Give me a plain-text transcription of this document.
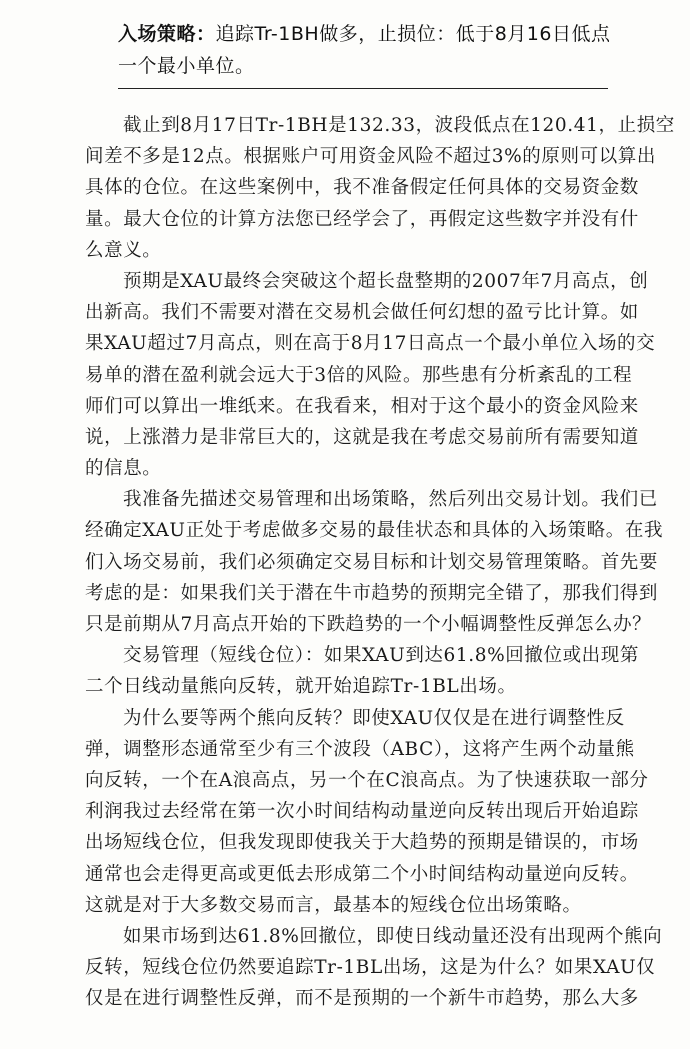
入场策略：追踪Tr-1BH做多，止损位：低于8月16日低点
一个最小单位。
截止到8月17日Tr-1BH是132.33，波段低点在120.41，止损空
间差不多是12点。根据账户可用资金风险不超过3%的原则可以算出
具体的仓位。在这些案例中，我不准备假定任何具体的交易资金数
量。最大仓位的计算方法您已经学会了，再假定这些数字并没有什
么意义。
预期是XAU最终会突破这个超长盘整期的2007年7月高点，创
出新高。我们不需要对潜在交易机会做任何幻想的盈亏比计算。如
果XAU超过7月高点，则在高于8月17日高点一个最小单位入场的交
易单的潜在盈利就会远大于3倍的风险。那些患有分析紊乱的工程
师们可以算出一堆纸来。在我看来，相对于这个最小的资金风险来
说，上涨潜力是非常巨大的，这就是我在考虑交易前所有需要知道
的信息。
我准备先描述交易管理和出场策略，然后列出交易计划。我们已
经确定XAU正处于考虑做多交易的最佳状态和具体的入场策略。在我
们入场交易前，我们必须确定交易目标和计划交易管理策略。首先要
考虑的是：如果我们关于潜在牛市趋势的预期完全错了，那我们得到
只是前期从7月高点开始的下跌趋势的一个小幅调整性反弹怎么办？
交易管理（短线仓位）：如果XAU到达61.8%回撤位或出现第
二个日线动量熊向反转，就开始追踪Tr-1BL出场。
为什么要等两个熊向反转？即使XAU仅仅是在进行调整性反
弹，调整形态通常至少有三个波段（ABC），这将产生两个动量熊
向反转，一个在A浪高点，另一个在C浪高点。为了快速获取一部分
利润我过去经常在第一次小时间结构动量逆向反转出现后开始追踪
出场短线仓位，但我发现即使我关于大趋势的预期是错误的，市场
通常也会走得更高或更低去形成第二个小时间结构动量逆向反转。
这就是对于大多数交易而言，最基本的短线仓位出场策略。
如果市场到达61.8%回撤位，即使日线动量还没有出现两个熊向
反转，短线仓位仍然要追踪Tr-1BL出场，这是为什么？如果XAU仅
仅是在进行调整性反弹，而不是预期的一个新牛市趋势，那么大多
